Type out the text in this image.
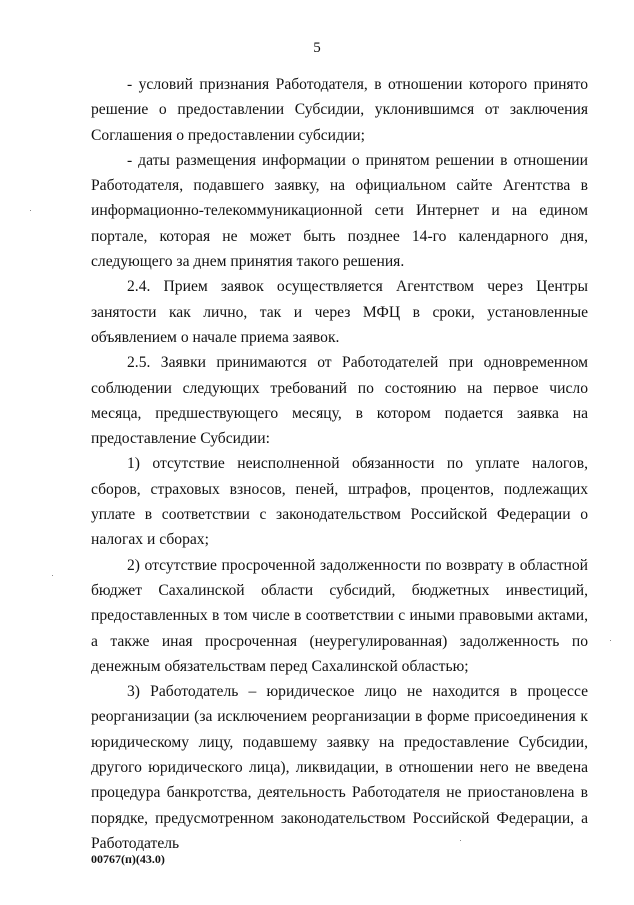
5

- условий признания Работодателя, в отношении которого принято решение о предоставлении Субсидии, уклонившимся от заключения Соглашения о предоставлении субсидии;

- даты размещения информации о принятом решении в отношении Работодателя, подавшего заявку, на официальном сайте Агентства в информационно-телекоммуникационной сети Интернет и на едином портале, которая не может быть позднее 14-го календарного дня, следующего за днем принятия такого решения.

2.4. Прием заявок осуществляется Агентством через Центры занятости как лично, так и через МФЦ в сроки, установленные объявлением о начале приема заявок.

2.5. Заявки принимаются от Работодателей при одновременном соблюдении следующих требований по состоянию на первое число месяца, предшествующего месяцу, в котором подается заявка на предоставление Субсидии:

1) отсутствие неисполненной обязанности по уплате налогов, сборов, страховых взносов, пеней, штрафов, процентов, подлежащих уплате в соответствии с законодательством Российской Федерации о налогах и сборах;

2) отсутствие просроченной задолженности по возврату в областной бюджет Сахалинской области субсидий, бюджетных инвестиций, предоставленных в том числе в соответствии с иными правовыми актами, а также иная просроченная (неурегулированная) задолженность по денежным обязательствам перед Сахалинской областью;

3) Работодатель – юридическое лицо не находится в процессе реорганизации (за исключением реорганизации в форме присоединения к юридическому лицу, подавшему заявку на предоставление Субсидии, другого юридического лица), ликвидации, в отношении него не введена процедура банкротства, деятельность Работодателя не приостановлена в порядке, предусмотренном законодательством Российской Федерации, а Работодатель

00767(п)(43.0)
